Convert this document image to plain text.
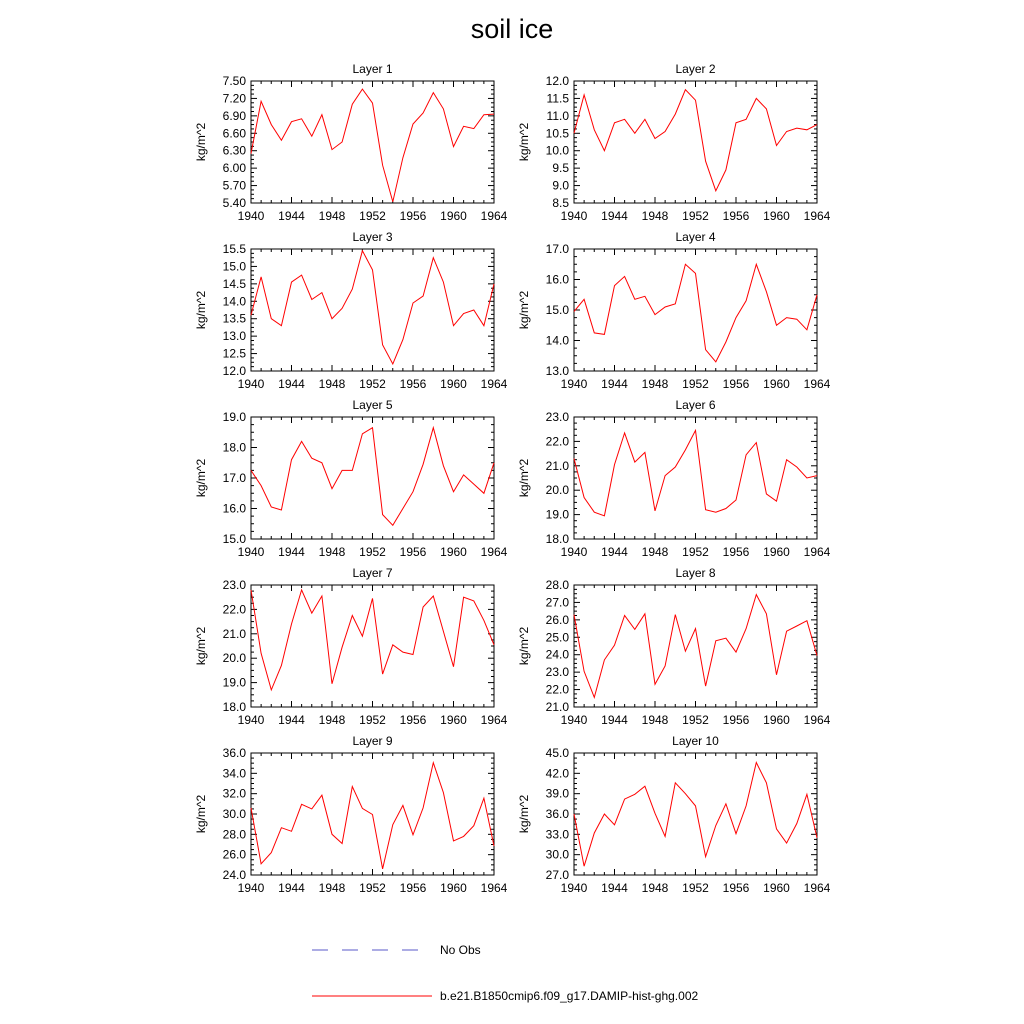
soil ice
Layer 1
kg/m^2
5.40
5.70
6.00
6.30
6.60
6.90
7.20
7.50
1940 1944 1948 1952 1956 1960 1964
Layer 2
kg/m^2
8.5
9.0
9.5
10.0
10.5
11.0
11.5
12.0
1940 1944 1948 1952 1956 1960 1964
Layer 3
kg/m^2
12.0
12.5
13.0
13.5
14.0
14.5
15.0
15.5
1940 1944 1948 1952 1956 1960 1964
Layer 4
kg/m^2
13.0
14.0
15.0
16.0
17.0
1940 1944 1948 1952 1956 1960 1964
Layer 5
kg/m^2
15.0
16.0
17.0
18.0
19.0
1940 1944 1948 1952 1956 1960 1964
Layer 6
kg/m^2
18.0
19.0
20.0
21.0
22.0
23.0
1940 1944 1948 1952 1956 1960 1964
Layer 7
kg/m^2
18.0
19.0
20.0
21.0
22.0
23.0
1940 1944 1948 1952 1956 1960 1964
Layer 8
kg/m^2
21.0
22.0
23.0
24.0
25.0
26.0
27.0
28.0
1940 1944 1948 1952 1956 1960 1964
Layer 9
kg/m^2
24.0
26.0
28.0
30.0
32.0
34.0
36.0
1940 1944 1948 1952 1956 1960 1964
Layer 10
kg/m^2
27.0
30.0
33.0
36.0
39.0
42.0
45.0
1940 1944 1948 1952 1956 1960 1964
No Obs
b.e21.B1850cmip6.f09_g17.DAMIP-hist-ghg.002
